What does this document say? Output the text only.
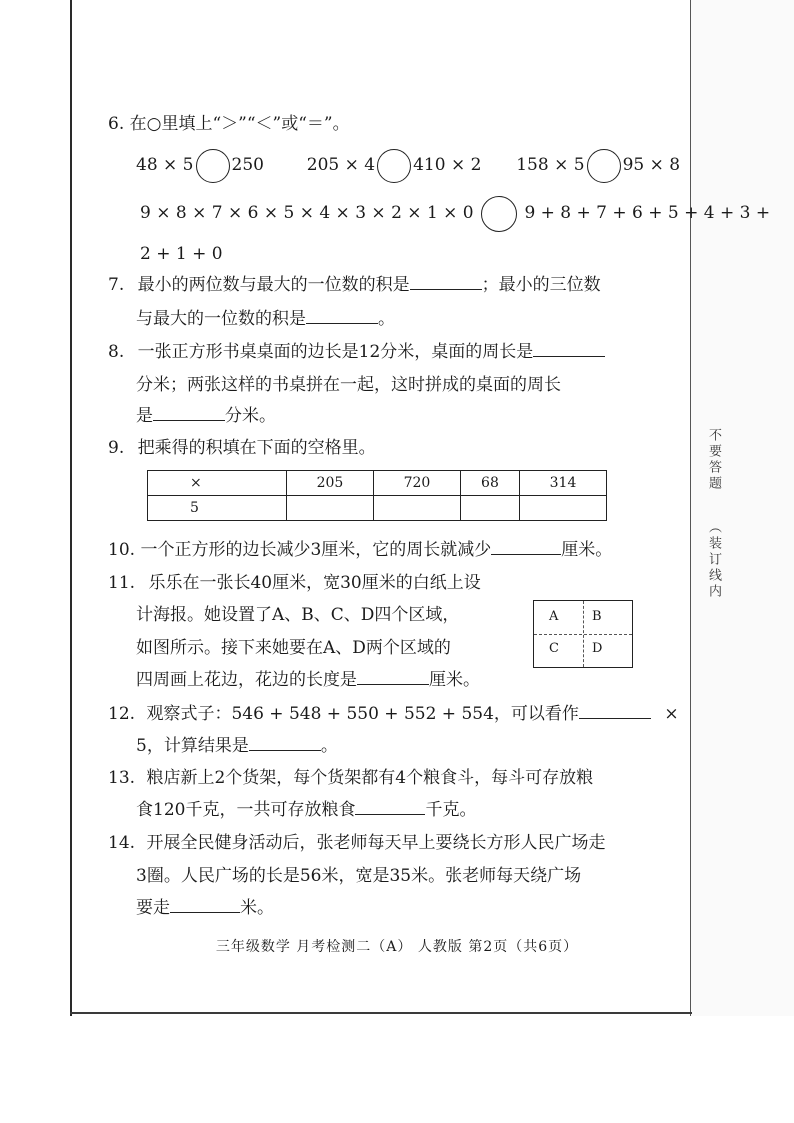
6. 在○里填上“＞”“＜”或“＝”。
48 × 5 250	205 × 4 410 × 2 158 × 5 95 × 8
9 × 8 × 7 × 6 × 5 × 4 × 3 × 2 × 1 × 0	9 + 8 + 7 + 6 + 5 + 4 + 3 +
2 + 1 + 0
7. 最小的两位数与最大的一位数的积是	；最小的三位数
与最大的一位数的积是	。
8. 一张正方形书桌桌面的边长是12分米，桌面的周长是
分米；两张这样的书桌拼在一起，这时拼成的桌面的周长
是	分米。
9. 把乘得的积填在下面的空格里。
×	205	720	68	314
5				
10. 一个正方形的边长减少3厘米，它的周长就减少	厘米。
11. 乐乐在一张长40厘米，宽30厘米的白纸上设
计海报。她设置了A、B、C、D四个区域，
如图所示。接下来她要在A、D两个区域的
四周画上花边，花边的长度是	厘米。
A	B
C	D
12. 观察式子：546 + 548 + 550 + 552 + 554，可以看作	×
5，计算结果是	。
13. 粮店新上2个货架，每个货架都有4个粮食斗，每斗可存放粮
食120千克，一共可存放粮食	千克。
14. 开展全民健身活动后，张老师每天早上要绕长方形人民广场走
3圈。人民广场的长是56米，宽是35米。张老师每天绕广场
要走	米。
三年级数学 月考检测二（A） 人教版 第2页（共6页）
不要答题
（装订线内
